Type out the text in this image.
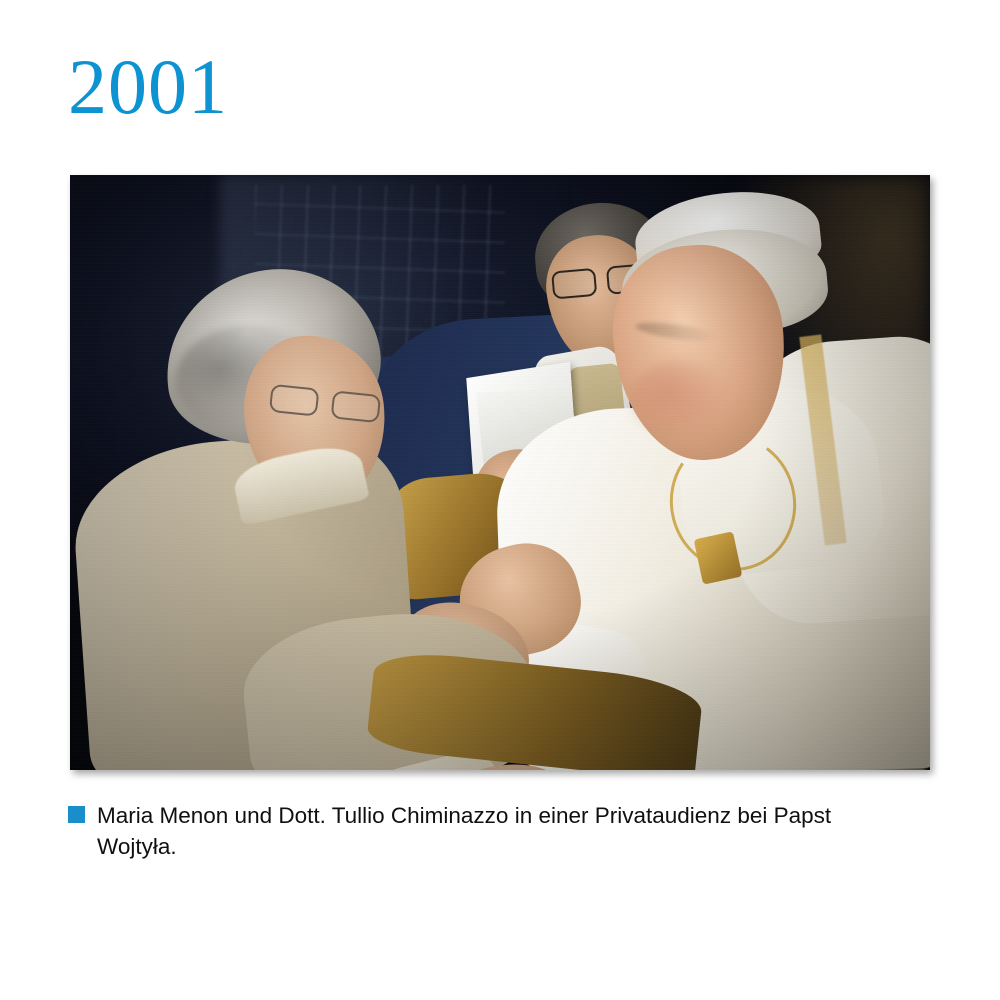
2001
Maria Menon und Dott. Tullio Chiminazzo in einer Privataudienz bei Papst Wojtyła.
